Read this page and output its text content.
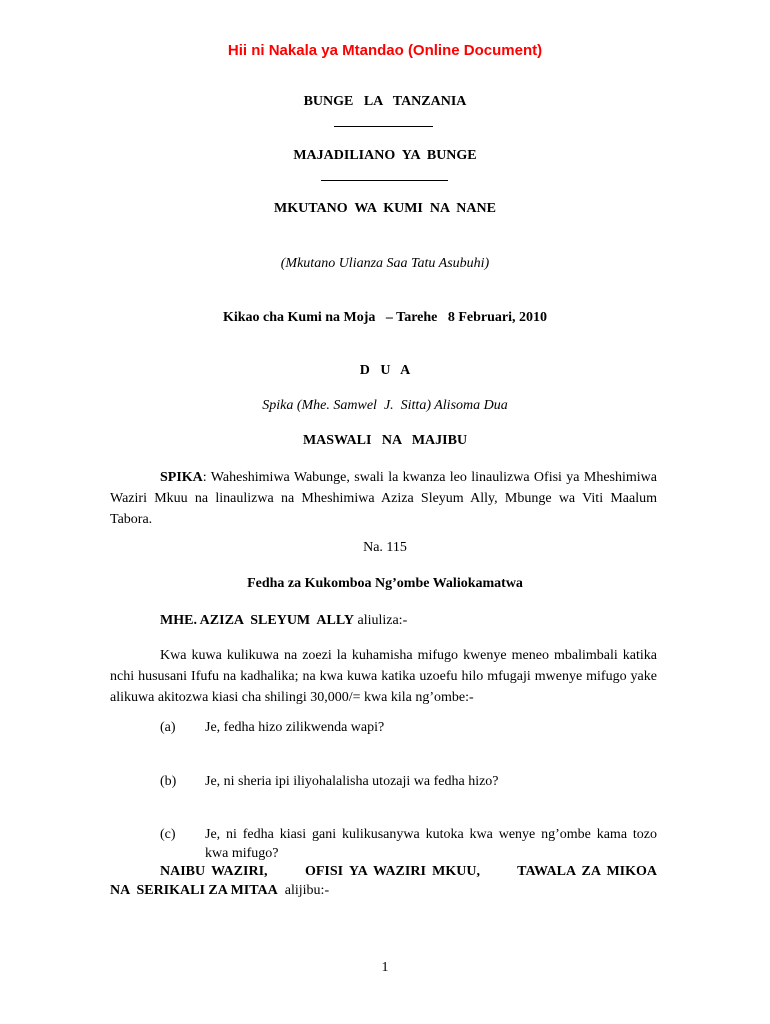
Hii ni Nakala ya Mtandao (Online Document)
BUNGE   LA   TANZANIA
MAJADILIANO  YA  BUNGE
MKUTANO  WA  KUMI  NA  NANE
(Mkutano Ulianza Saa Tatu Asubuhi)
Kikao cha Kumi na Moja   – Tarehe   8 Februari, 2010
D   U   A
Spika (Mhe. Samwel  J.  Sitta) Alisoma Dua
MASWALI   NA   MAJIBU
SPIKA: Waheshimiwa Wabunge, swali la kwanza leo linaulizwa Ofisi ya Mheshimiwa Waziri Mkuu na linaulizwa na Mheshimiwa Aziza Sleyum Ally, Mbunge wa Viti Maalum Tabora.
Na. 115
Fedha za Kukomboa Ng’ombe Waliokamatwa
MHE. AZIZA  SLEYUM  ALLY aliuliza:-
Kwa kuwa kulikuwa na zoezi la kuhamisha mifugo kwenye meneo mbalimbali katika nchi hususani Ifufu na kadhalika; na kwa kuwa katika uzoefu hilo mfugaji mwenye mifugo yake alikuwa akitozwa kiasi cha shilingi 30,000/= kwa kila ng’ombe:-
(a) Je, fedha hizo zilikwenda wapi?
(b) Je, ni sheria ipi iliyohalalisha utozaji wa fedha hizo?
(c) Je, ni fedha kiasi gani kulikusanywa kutoka kwa wenye ng’ombe kama tozo kwa mifugo?
NAIBU WAZIRI,      OFISI YA WAZIRI MKUU,      TAWALA ZA MIKOA
NA  SERIKALI ZA MITAA  alijibu:-
1
